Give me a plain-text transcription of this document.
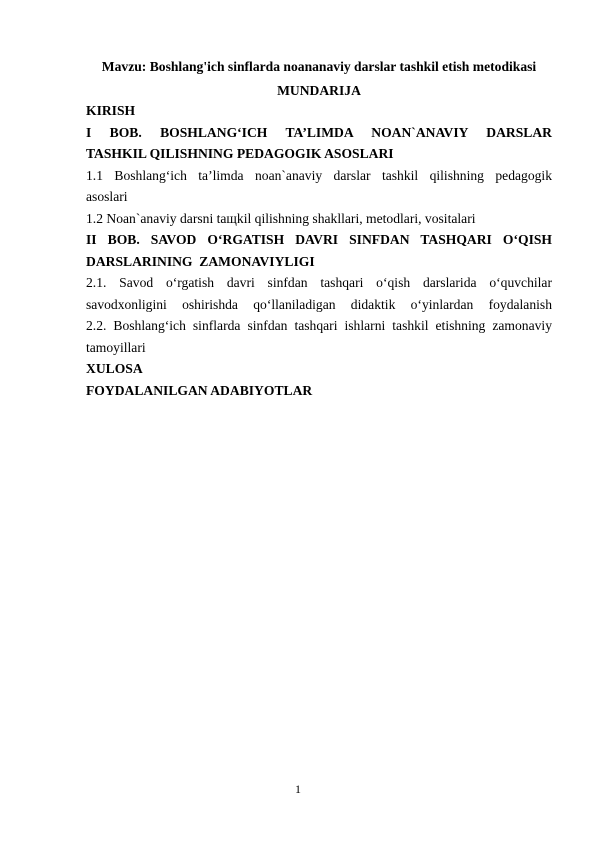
Mavzu: Boshlang'ich sinflarda noananaviy darslar tashkil etish metodikasi

MUNDARIJA

KIRISH

I BOB. BOSHLANG‘ICH TA’LIMDA NOAN`ANAVIY DARSLAR

TASHKIL QILISHNING PEDAGOGIK ASOSLARI

1.1 Boshlang‘ich ta’limda noan`anaviy darslar tashkil qilishning pedagogik

asoslari

1.2 Noan`anaviy darsni taщkil qilishning shakllari, metodlari, vositalari

II BOB. SAVOD O‘RGATISH DAVRI SINFDAN TASHQARI O‘QISH

DARSLARINING  ZAMONAVIYLIGI

2.1. Savod o‘rgatish davri sinfdan tashqari o‘qish darslarida o‘quvchilar

savodxonligini oshirishda qo‘llaniladigan didaktik o‘yinlardan foydalanish

2.2. Boshlang‘ich sinflarda sinfdan tashqari ishlarni tashkil etishning zamonaviy

tamoyillari

XULOSA

FOYDALANILGAN ADABIYOTLAR

1
